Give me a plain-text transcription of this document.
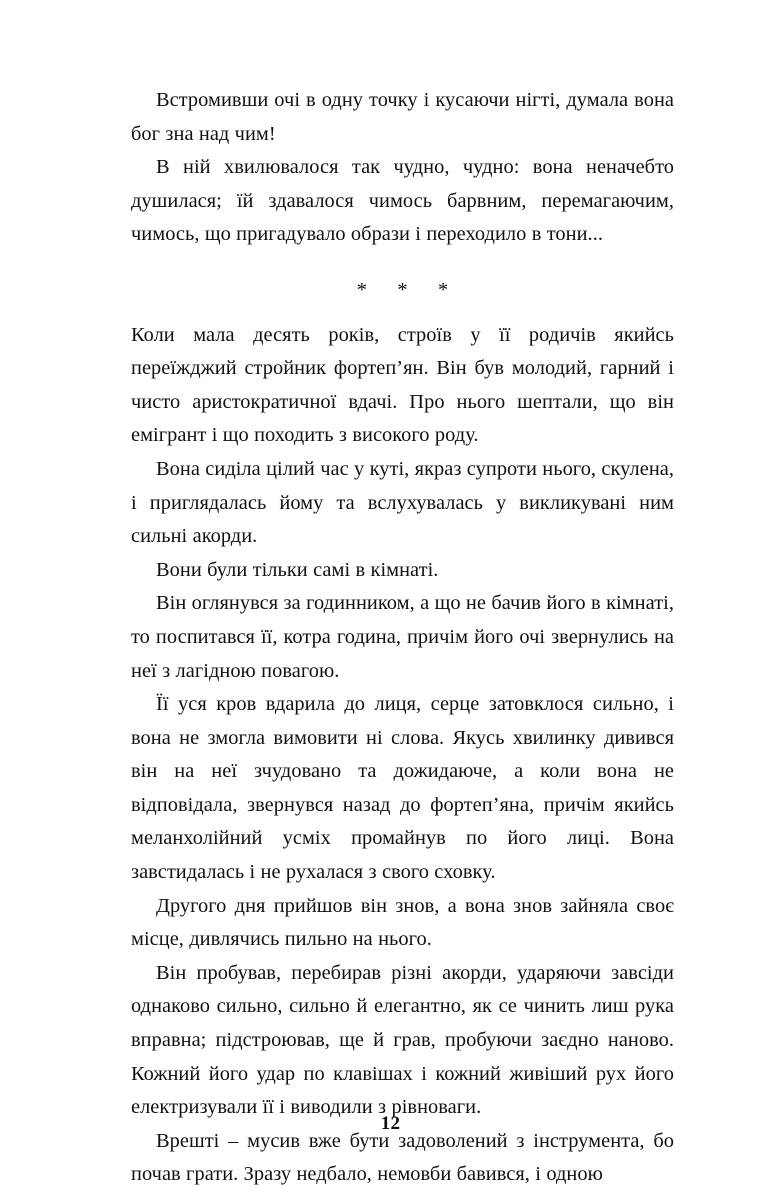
Встромивши очі в одну точку і кусаючи нігті, думала вона бог зна над чим!

В ній хвилювалося так чудно, чудно: вона неначебто душилася; їй здавалося чимось барвним, перемагаючим, чимось, що пригадувало образи і переходило в тони...

* * *

Коли мала десять років, строїв у її родичів якийсь переїжджий стройник фортеп’ян. Він був молодий, гарний і чисто аристократичної вдачі. Про нього шептали, що він емігрант і що походить з високого роду.

Вона сиділа цілий час у куті, якраз супроти нього, скулена, і приглядалась йому та вслухувалась у викликувані ним сильні акорди.

Вони були тільки самі в кімнаті.

Він оглянувся за годинником, а що не бачив його в кімнаті, то поспитався її, котра година, причім його очі звернулись на неї з лагідною повагою.

Її уся кров вдарила до лиця, серце затовклося сильно, і вона не змогла вимовити ні слова. Якусь хвилинку дивився він на неї зчудовано та дожидаюче, а коли вона не відповідала, звернувся назад до фортеп’яна, причім якийсь меланхолійний усміх промайнув по його лиці. Вона завстидалась і не рухалася з свого сховку.

Другого дня прийшов він знов, а вона знов зайняла своє місце, дивлячись пильно на нього.

Він пробував, перебирав різні акорди, ударяючи завсіди однаково сильно, сильно й елегантно, як се чинить лиш рука вправна; підстроював, ще й грав, пробуючи заєдно наново. Кожний його удар по клавішах і кожний живіший рух його електризували її і виводили з рівноваги.

Врешті – мусив вже бути задоволений з інструмента, бо почав грати. Зразу недбало, немовби бавився, і одною

12
